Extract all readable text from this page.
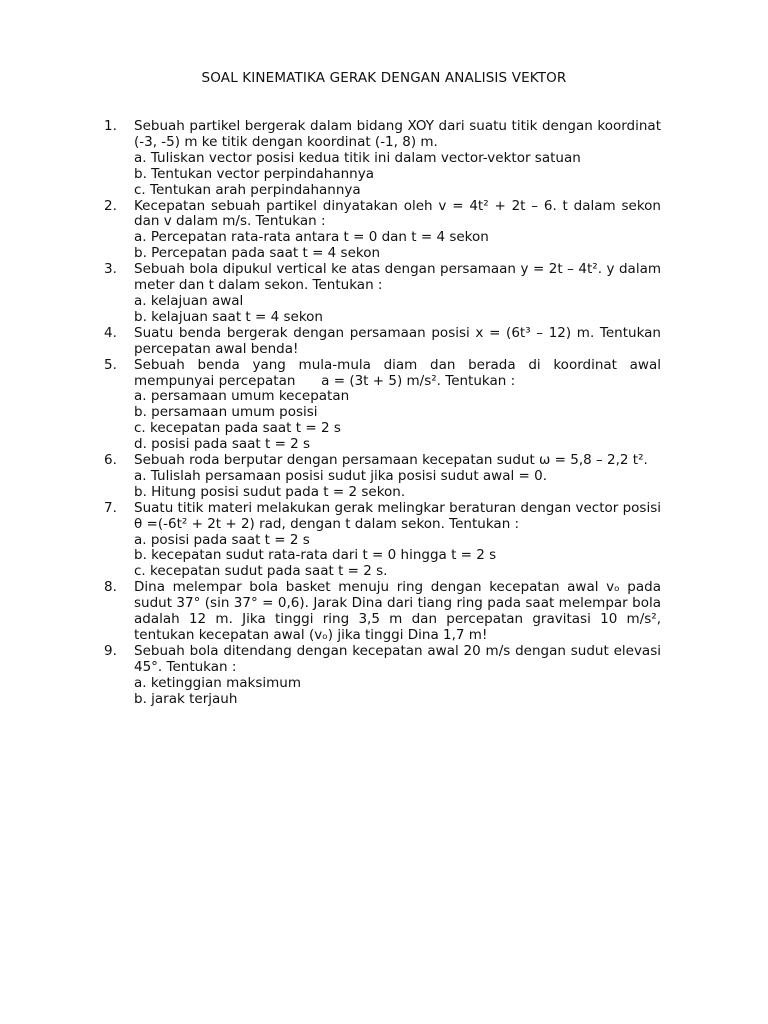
SOAL KINEMATIKA GERAK DENGAN ANALISIS VEKTOR
1.	Sebuah partikel bergerak dalam bidang XOY dari suatu titik dengan koordinat (-3, -5) m ke titik dengan koordinat (-1, 8) m.
a. Tuliskan vector posisi kedua titik ini dalam vector-vektor satuan
b. Tentukan vector perpindahannya
c. Tentukan arah perpindahannya
2.	Kecepatan sebuah partikel dinyatakan oleh v = 4t² + 2t – 6. t dalam sekon dan v dalam m/s. Tentukan :
a. Percepatan rata-rata antara t = 0 dan t = 4 sekon
b. Percepatan pada saat t = 4 sekon
3.	Sebuah bola dipukul vertical ke atas dengan persamaan y = 2t – 4t². y dalam meter dan t dalam sekon. Tentukan :
a. kelajuan awal
b. kelajuan saat t = 4 sekon
4.	Suatu benda bergerak dengan persamaan posisi x = (6t³ – 12) m. Tentukan percepatan awal benda!
5.	Sebuah benda yang mula-mula diam dan berada di koordinat awal mempunyai percepatan      a = (3t + 5) m/s². Tentukan :
a. persamaan umum kecepatan
b. persamaan umum posisi
c. kecepatan pada saat t = 2 s
d. posisi pada saat t = 2 s
6.	Sebuah roda berputar dengan persamaan kecepatan sudut ω = 5,8 – 2,2 t².
a. Tulislah persamaan posisi sudut jika posisi sudut awal = 0.
b. Hitung posisi sudut pada t = 2 sekon.
7.	Suatu titik materi melakukan gerak melingkar beraturan dengan vector posisi θ =(-6t² + 2t + 2) rad, dengan t dalam sekon. Tentukan :
a. posisi pada saat t = 2 s
b. kecepatan sudut rata-rata dari t = 0 hingga t = 2 s
c. kecepatan sudut pada saat t = 2 s.
8.	Dina melempar bola basket menuju ring dengan kecepatan awal vₒ pada sudut 37° (sin 37° = 0,6). Jarak Dina dari tiang ring pada saat melempar bola adalah 12 m. Jika tinggi ring 3,5 m dan percepatan gravitasi 10 m/s², tentukan kecepatan awal (vₒ) jika tinggi Dina 1,7 m!
9.	Sebuah bola ditendang dengan kecepatan awal 20 m/s dengan sudut elevasi 45°. Tentukan :
a. ketinggian maksimum
b. jarak terjauh
